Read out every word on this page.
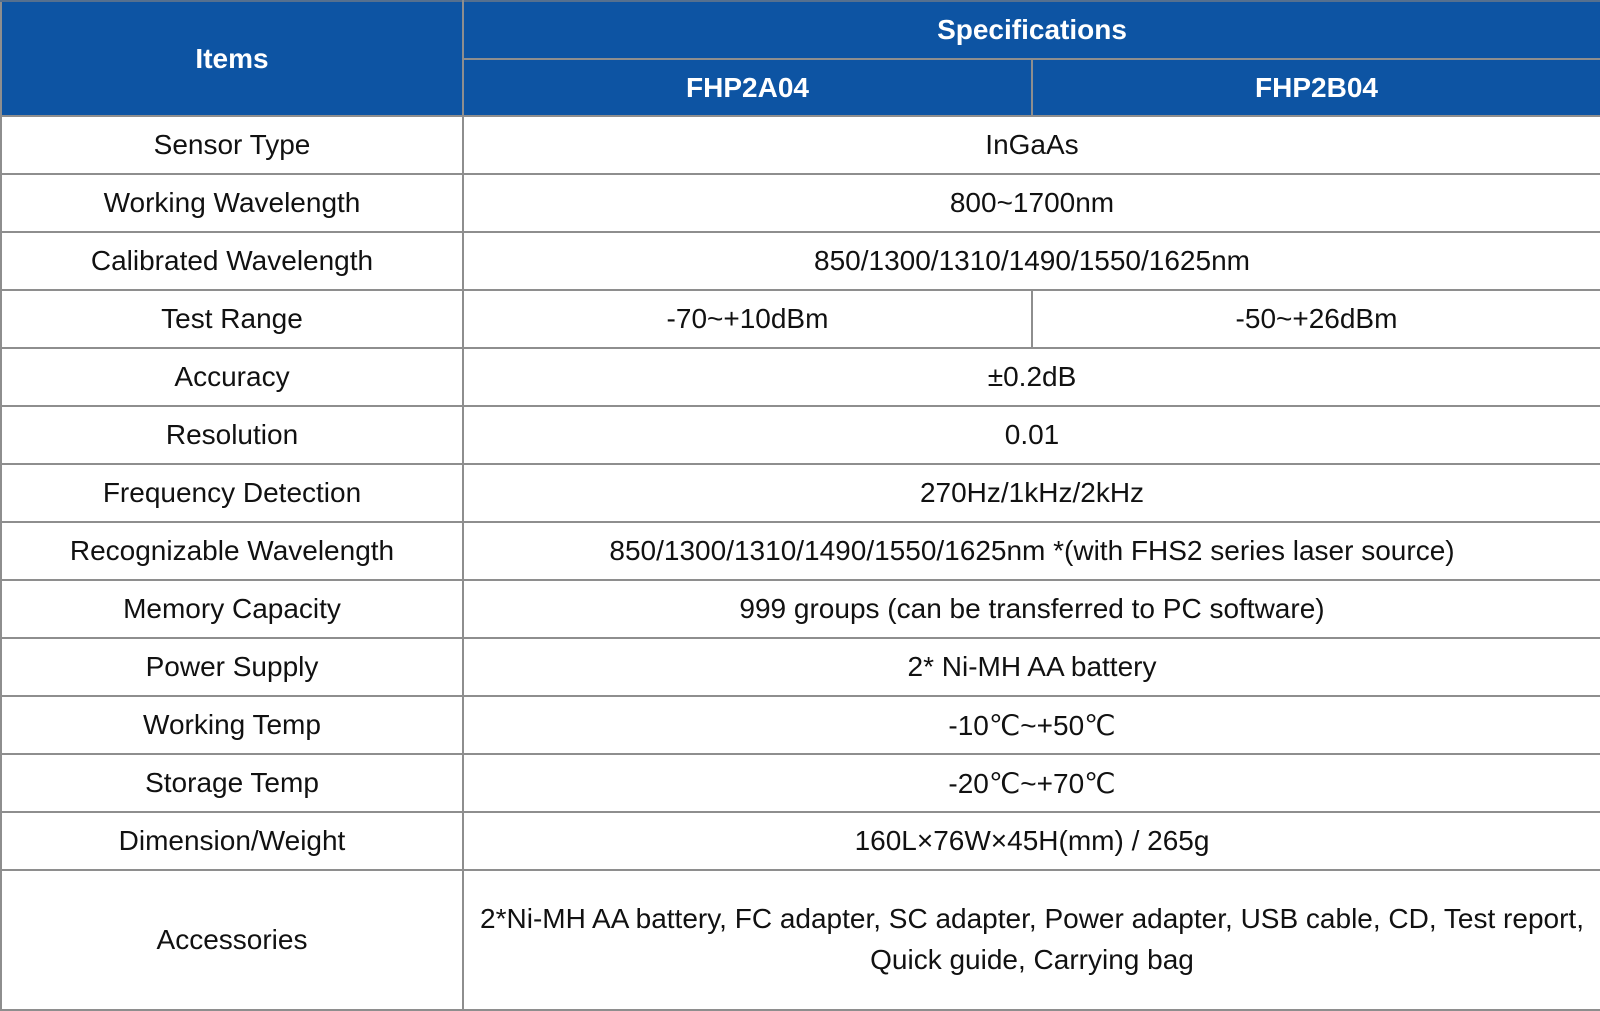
Items	Specifications	
	FHP2A04	FHP2B04
Sensor Type	InGaAs	
Working Wavelength	800~1700nm	
Calibrated Wavelength	850/1300/1310/1490/1550/1625nm	
Test Range	-70~+10dBm	-50~+26dBm
Accuracy	±0.2dB	
Resolution	0.01	
Frequency Detection	270Hz/1kHz/2kHz	
Recognizable Wavelength	850/1300/1310/1490/1550/1625nm *(with FHS2 series laser source)	
Memory Capacity	999 groups (can be transferred to PC software)	
Power Supply	2* Ni-MH AA battery	
Working Temp	-10℃~+50℃	
Storage Temp	-20℃~+70℃	
Dimension/Weight	160L×76W×45H(mm) / 265g	
Accessories	2*Ni-MH AA battery, FC adapter, SC adapter, Power adapter, USB cable, CD, Test report, Quick guide, Carrying bag	
